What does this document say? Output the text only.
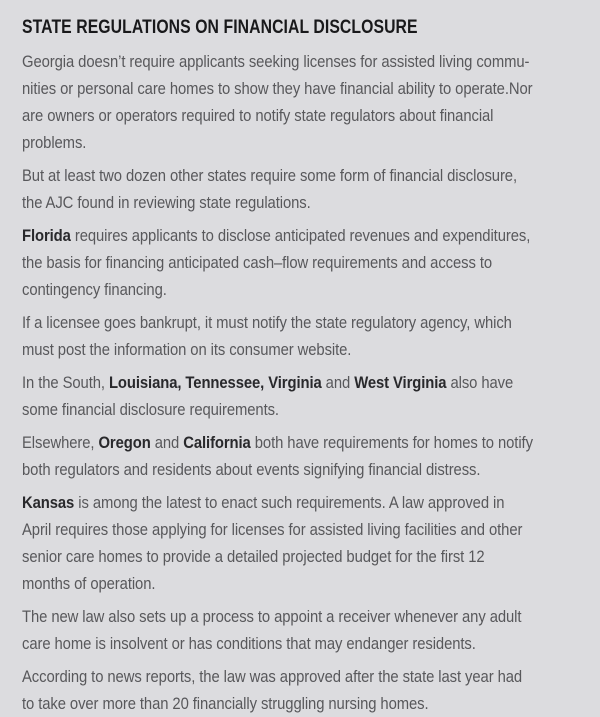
STATE REGULATIONS ON FINANCIAL DISCLOSURE

Georgia doesn’t require applicants seeking licenses for assisted living commu-
nities or personal care homes to show they have financial ability to operate.Nor
are owners or operators required to notify state regulators about financial
problems.

But at least two dozen other states require some form of financial disclosure,
the AJC found in reviewing state regulations.

Florida requires applicants to disclose anticipated revenues and expenditures,
the basis for financing anticipated cash–flow requirements and access to
contingency financing.

If a licensee goes bankrupt, it must notify the state regulatory agency, which
must post the information on its consumer website.

In the South, Louisiana, Tennessee, Virginia and West Virginia also have
some financial disclosure requirements.

Elsewhere, Oregon and California both have requirements for homes to notify
both regulators and residents about events signifying financial distress.

Kansas is among the latest to enact such requirements. A law approved in
April requires those applying for licenses for assisted living facilities and other
senior care homes to provide a detailed projected budget for the first 12
months of operation.

The new law also sets up a process to appoint a receiver whenever any adult
care home is insolvent or has conditions that may endanger residents.

According to news reports, the law was approved after the state last year had
to take over more than 20 financially struggling nursing homes.
